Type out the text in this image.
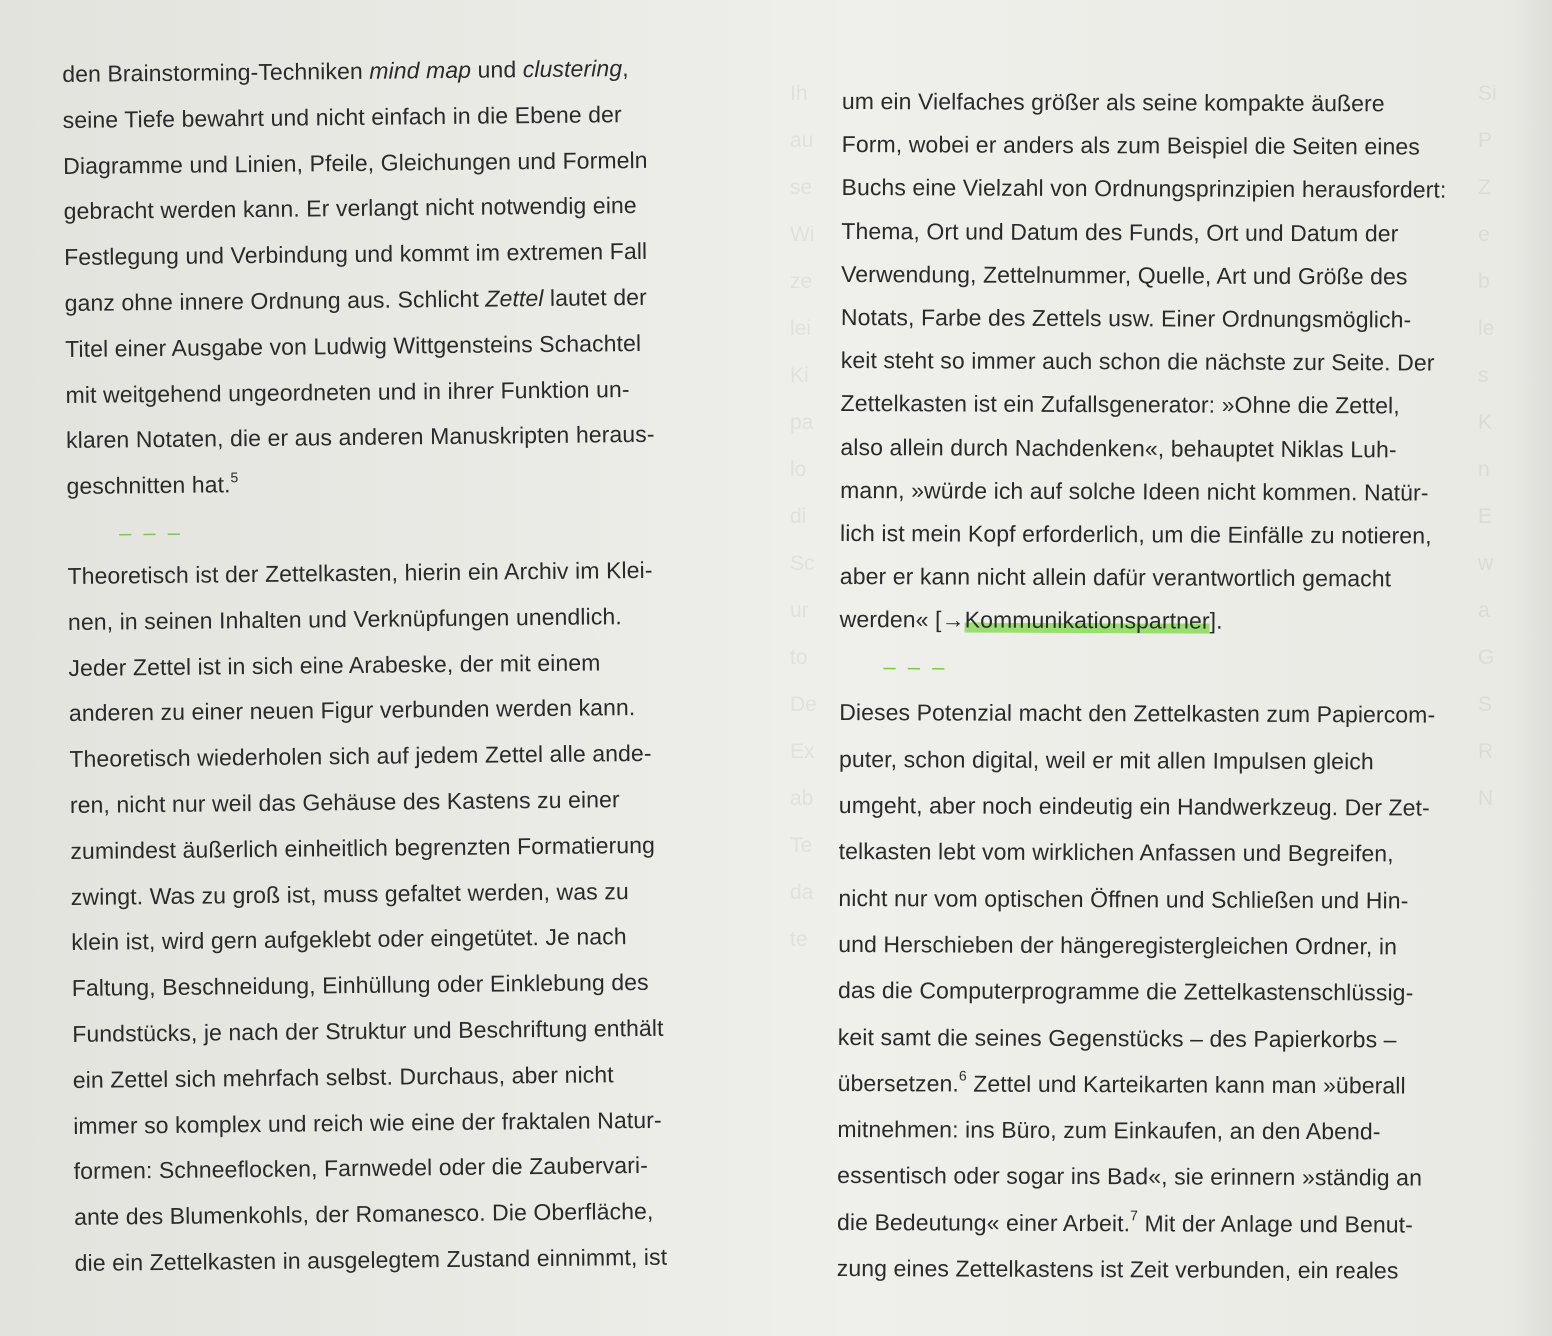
Ih
au
se
Wi
ze
lei
Ki
pa
lo
di
Sc
ur
to
De
Ex
ab
Te
da
te
Si
P
Z
e
b
le
s
K
n
E
w
a
G
S
R
N
den Brainstorming-Techniken mind map und clustering,
seine Tiefe bewahrt und nicht einfach in die Ebene der
Diagramme und Linien, Pfeile, Gleichungen und Formeln
gebracht werden kann. Er verlangt nicht notwendig eine
Festlegung und Verbindung und kommt im extremen Fall
ganz ohne innere Ordnung aus. Schlicht Zettel lautet der
Titel einer Ausgabe von Ludwig Wittgensteins Schachtel
mit weitgehend ungeordneten und in ihrer Funktion un-
klaren Notaten, die er aus anderen Manuskripten heraus-
geschnitten hat.$^5$
– – –
Theoretisch ist der Zettelkasten, hierin ein Archiv im Klei-
nen, in seinen Inhalten und Verknüpfungen unendlich.
Jeder Zettel ist in sich eine Arabeske, der mit einem
anderen zu einer neuen Figur verbunden werden kann.
Theoretisch wiederholen sich auf jedem Zettel alle ande-
ren, nicht nur weil das Gehäuse des Kastens zu einer
zumindest äußerlich einheitlich begrenzten Formatierung
zwingt. Was zu groß ist, muss gefaltet werden, was zu
klein ist, wird gern aufgeklebt oder eingetütet. Je nach
Faltung, Beschneidung, Einhüllung oder Einklebung des
Fundstücks, je nach der Struktur und Beschriftung enthält
ein Zettel sich mehrfach selbst. Durchaus, aber nicht
immer so komplex und reich wie eine der fraktalen Natur-
formen: Schneeflocken, Farnwedel oder die Zaubervari-
ante des Blumenkohls, der Romanesco. Die Oberfläche,
die ein Zettelkasten in ausgelegtem Zustand einnimmt, ist
um ein Vielfaches größer als seine kompakte äußere
Form, wobei er anders als zum Beispiel die Seiten eines
Buchs eine Vielzahl von Ordnungsprinzipien herausfordert:
Thema, Ort und Datum des Funds, Ort und Datum der
Verwendung, Zettelnummer, Quelle, Art und Größe des
Notats, Farbe des Zettels usw. Einer Ordnungsmöglich-
keit steht so immer auch schon die nächste zur Seite. Der
Zettelkasten ist ein Zufallsgenerator: »Ohne die Zettel,
also allein durch Nachdenken«, behauptet Niklas Luh-
mann, »würde ich auf solche Ideen nicht kommen. Natür-
lich ist mein Kopf erforderlich, um die Einfälle zu notieren,
aber er kann nicht allein dafür verantwortlich gemacht
werden« [→Kommunikationspartner].
– – –
Dieses Potenzial macht den Zettelkasten zum Papiercom-
puter, schon digital, weil er mit allen Impulsen gleich
umgeht, aber noch eindeutig ein Handwerkzeug. Der Zet-
telkasten lebt vom wirklichen Anfassen und Begreifen,
nicht nur vom optischen Öffnen und Schließen und Hin-
und Herschieben der hängeregistergleichen Ordner, in
das die Computerprogramme die Zettelkastenschlüssig-
keit samt die seines Gegenstücks – des Papierkorbs –
übersetzen.$^6$ Zettel und Karteikarten kann man »überall
mitnehmen: ins Büro, zum Einkaufen, an den Abend-
essentisch oder sogar ins Bad«, sie erinnern »ständig an
die Bedeutung« einer Arbeit.$^7$ Mit der Anlage und Benut-
zung eines Zettelkastens ist Zeit verbunden, ein reales
